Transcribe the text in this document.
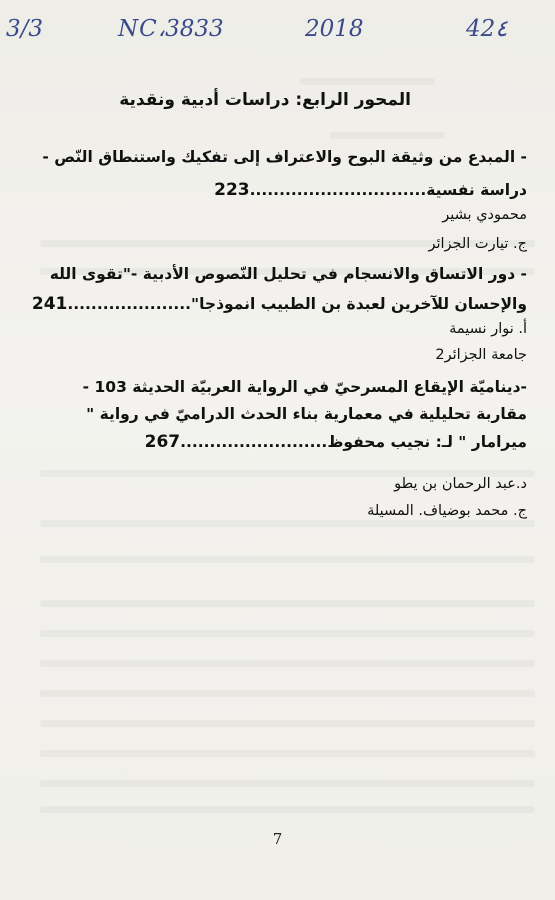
3/3	NC،3833	2018	42٤
المحور الرابع: دراسات أدبية ونقدية
- المبدع من وثيقة البوح والاعتراف إلى تفكيك واستنطاق النّص -
دراسة نفسية..............................223
محمودي بشير
ج. تيارت الجزائر
- دور الاتساق والانسجام في تحليل النّصوص الأدبية -"تقوى الله
والإحسان للآخرين لعبدة بن الطبيب انموذجا".....................241
أ. نوار نسيمة
جامعة الجزائر2
-ديناميّة الإيقاع المسرحيّ في الرواية العربيّة الحديثة 103 -
مقاربة تحليلية في معمارية بناء الحدث الدراميّ في رواية "
ميرامار " لـ: نجيب محفوظ.........................267
د.عبد الرحمان بن يطو
ج. محمد بوضياف. المسيلة
7
